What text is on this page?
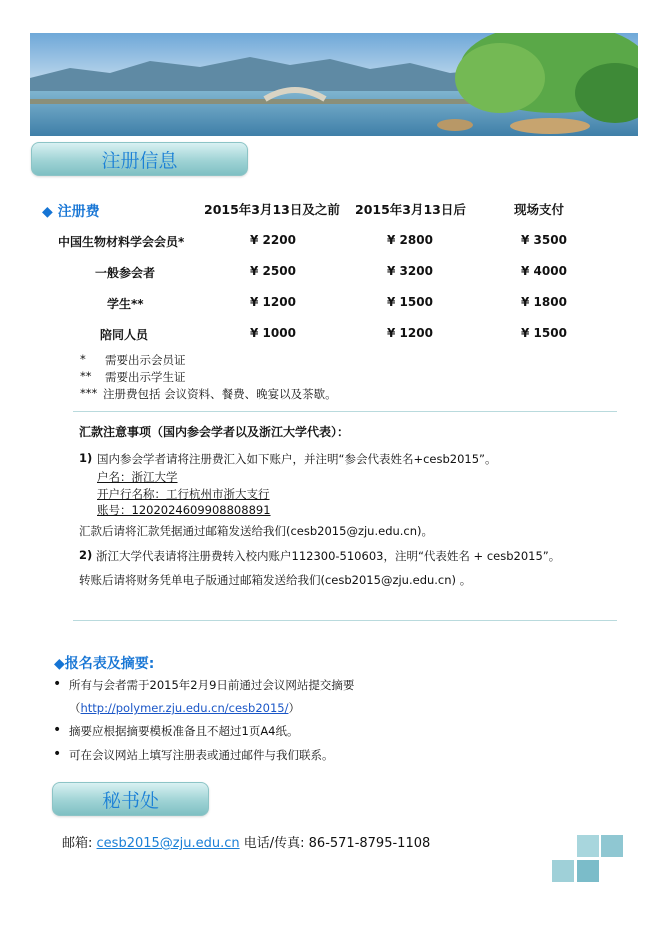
注册信息
◆ 注册费	2015年3月13日及之前 2015年3月13日后	现场支付
中国生物材料学会会员*	¥ 2200	¥ 2800	¥ 3500
一般参会者	¥ 2500	¥ 3200	¥ 4000
学生**	¥ 1200	¥ 1500	¥ 1800
陪同人员	¥ 1000	¥ 1200	¥ 1500
*	需要出示会员证
**	需要出示学生证
*** 注册费包括 会议资料、餐费、晚宴以及茶歇。
汇款注意事项（国内参会学者以及浙江大学代表）：
1) 国内参会学者请将注册费汇入如下账户，并注明“参会代表姓名+cesb2015”。
户名：浙江大学
开户行名称：工行杭州市浙大支行
账号：1202024609908808891
汇款后请将汇款凭据通过邮箱发送给我们(cesb2015@zju.edu.cn)。
2) 浙江大学代表请将注册费转入校内账户112300-510603，注明“代表姓名 + cesb2015”。
转账后请将财务凭单电子版通过邮箱发送给我们(cesb2015@zju.edu.cn) 。
◆报名表及摘要:
• 所有与会者需于2015年2月9日前通过会议网站提交摘要
（http://polymer.zju.edu.cn/cesb2015/）
• 摘要应根据摘要模板准备且不超过1页A4纸。
• 可在会议网站上填写注册表或通过邮件与我们联系。
秘书处
邮箱: cesb2015@zju.edu.cn 电话/传真: 86-571-8795-1108
